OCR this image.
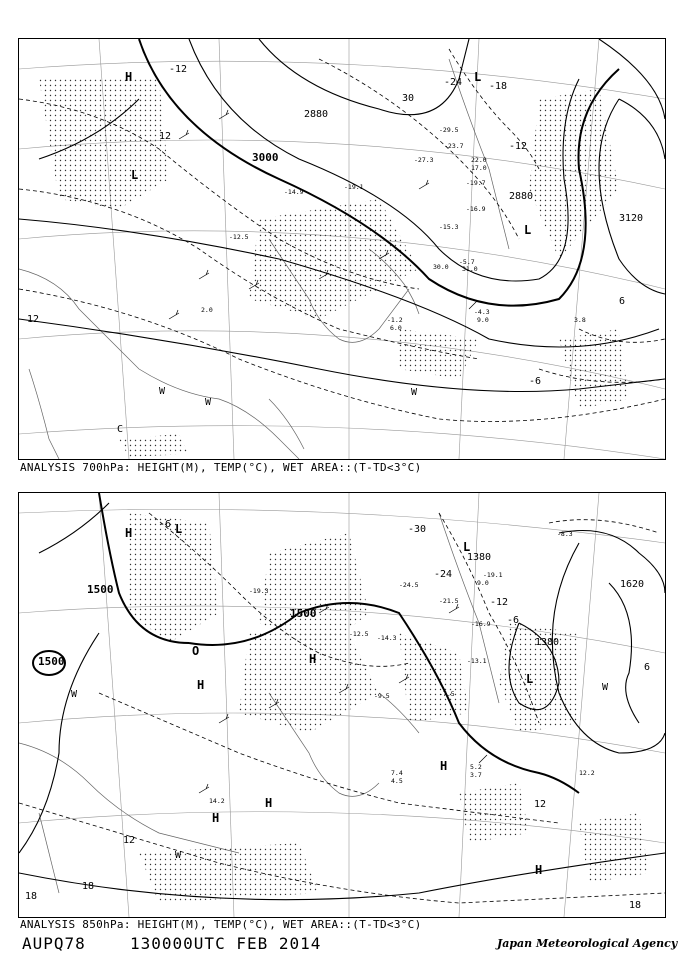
3000
2880
3120
2880
-12
-24	-18
-12
12
30
12
-6
6
H
L
L
L
W
W
W
C
-14.9
-12.5
-4.3
-1.2
-5.7
-27.3
-23.7
-29.5
-19.1	-19.7
-16.9
-15.3
3.8
2.0
9.0
6.0
31.0
30.0
22.0
17.0
ANALYSIS 700hPa: HEIGHT(M), TEMP(°C), WET AREA::(T-TD<3°C)
1500
1500
1500
1620
1380
1380
-6
-24
-30
-12
-6
6
12
18
18
18
12
H	L
L
L
H
H
H
H
H
H
W
W
W
O
-19.3
-21.5
-24.5
-12.5 -14.3
-9.5	-7.5
-16.9
-13.1
5.2
3.7
7.4
4.5
14.2
12.2
-8.3
9.0
-19.1
ANALYSIS 850hPa: HEIGHT(M), TEMP(°C), WET AREA::(T-TD<3°C)
AUPQ78	130000UTC FEB 2014	Japan Meteorological Agency
